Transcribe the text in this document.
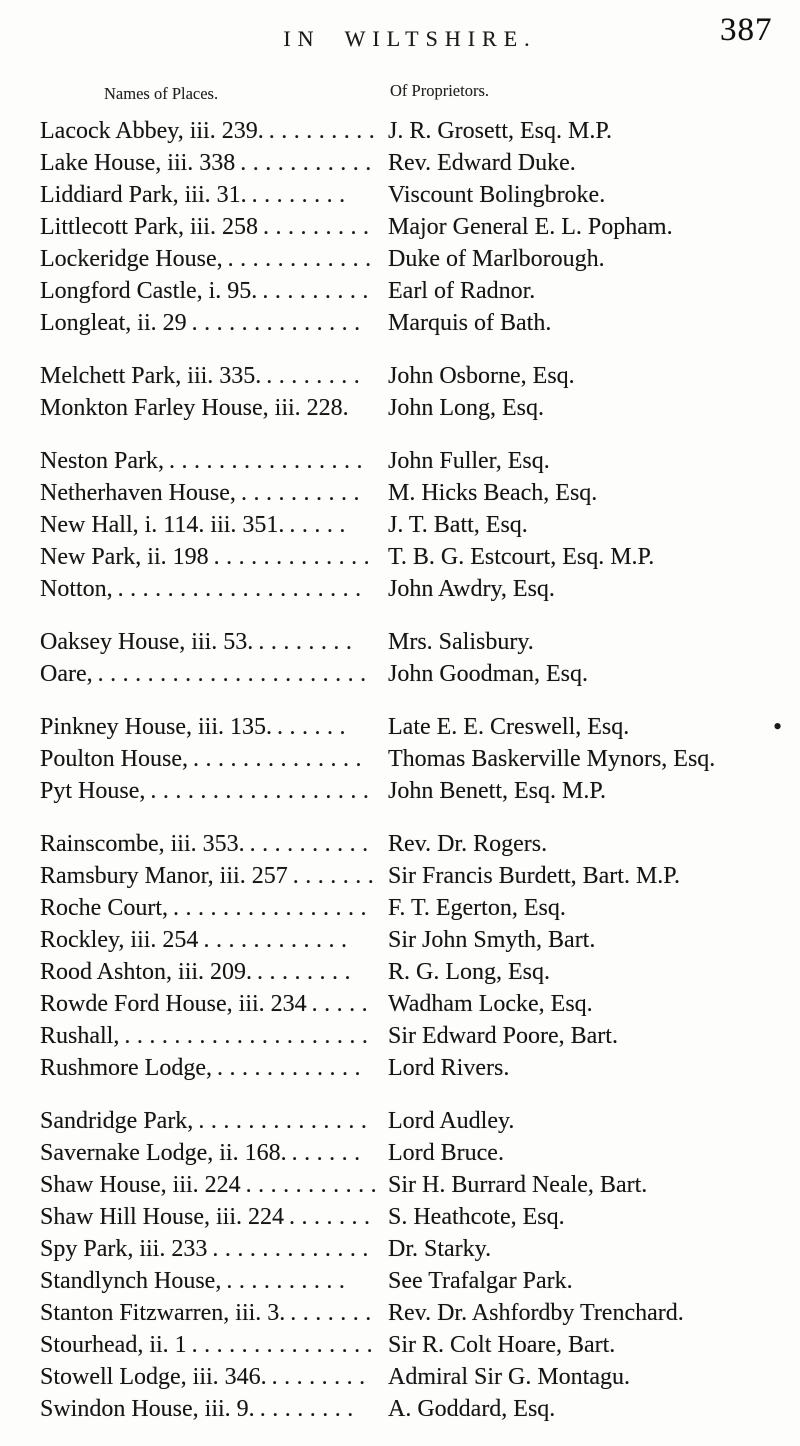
IN WILTSHIRE.	387
Names of Places.	Of Proprietors.
Lacock Abbey, iii. 239. ......... J. R. Grosett, Esq. M.P.
Lake House, iii. 338 ........... Rev. Edward Duke.
Liddiard Park, iii. 31. ........	Viscount Bolingbroke.
Littlecott Park, iii. 258 ......... Major General E. L. Popham.
Lockeridge House, ............ Duke of Marlborough.
Longford Castle, i. 95. ......... Earl of Radnor.
Longleat, ii. 29 .............. Marquis of Bath.
Melchett Park, iii. 335. ........ John Osborne, Esq.
Monkton Farley House, iii. 228.	John Long, Esq.
Neston Park, ................ John Fuller, Esq.
Netherhaven House, .......... M. Hicks Beach, Esq.
New Hall, i. 114. iii. 351. .....	J. T. Batt, Esq.
New Park, ii. 198 ............. T. B. G. Estcourt, Esq. M.P.
Notton, .................... John Awdry, Esq.
Oaksey House, iii. 53. ........	Mrs. Salisbury.
Oare, ...................... John Goodman, Esq.
Pinkney House, iii. 135. ......	Late E. E. Creswell, Esq.
Poulton House, .............. Thomas Baskerville Mynors, Esq.
Pyt House, .................. John Benett, Esq. M.P.
Rainscombe, iii. 353. .......... Rev. Dr. Rogers.
Ramsbury Manor, iii. 257 ....... Sir Francis Burdett, Bart. M.P.
Roche Court, ................ F. T. Egerton, Esq.
Rockley, iii. 254 ............	Sir John Smyth, Bart.
Rood Ashton, iii. 209. ........	R. G. Long, Esq.
Rowde Ford House, iii. 234 ..... Wadham Locke, Esq.
Rushall, .................... Sir Edward Poore, Bart.
Rushmore Lodge, ............ Lord Rivers.
Sandridge Park, .............. Lord Audley.
Savernake Lodge, ii. 168. ...... Lord Bruce.
Shaw House, iii. 224 ........... Sir H. Burrard Neale, Bart.
Shaw Hill House, iii. 224 ....... S. Heathcote, Esq.
Spy Park, iii. 233 ............. Dr. Starky.
Standlynch House, ..........	See Trafalgar Park.
Stanton Fitzwarren, iii. 3. ....... Rev. Dr. Ashfordby Trenchard.
Stourhead, ii. 1 ............... Sir R. Colt Hoare, Bart.
Stowell Lodge, iii. 346. ........ Admiral Sir G. Montagu.
Swindon House, iii. 9. ........	A. Goddard, Esq.
•
